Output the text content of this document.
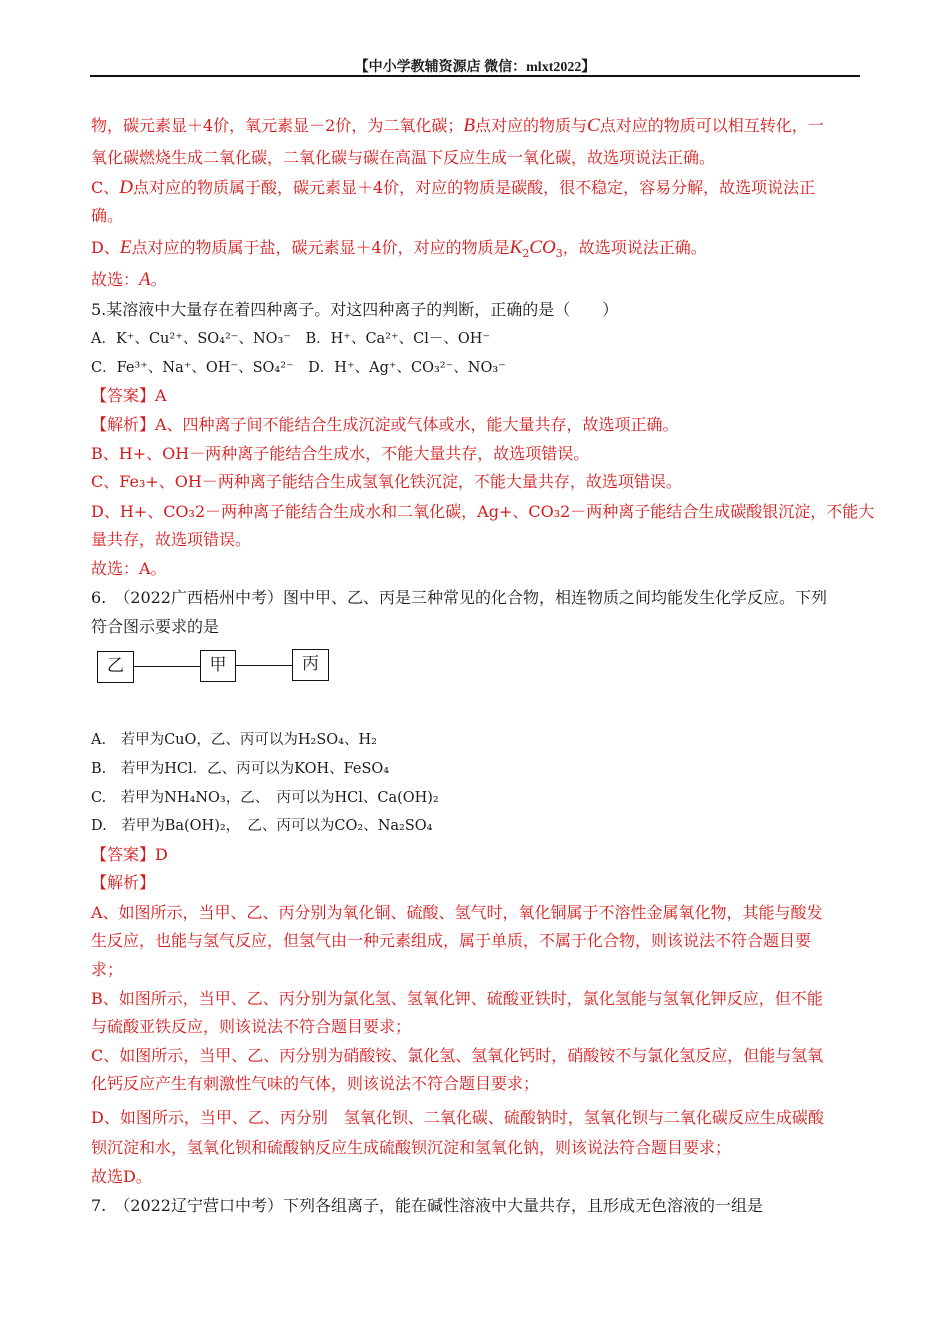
【中小学教辅资源店 微信：mlxt2022】
物，碳元素显＋4价，氧元素显－2价，为二氧化碳；B点对应的物质与C点对应的物质可以相互转化，一
氧化碳燃烧生成二氧化碳，二氧化碳与碳在高温下反应生成一氧化碳，故选项说法正确。
C、D点对应的物质属于酸，碳元素显＋4价，对应的物质是碳酸，很不稳定，容易分解，故选项说法正
确。
D、E点对应的物质属于盐，碳元素显＋4价，对应的物质是$K_2CO_3$，故选项说法正确。
故选：A。
5.某溶液中大量存在着四种离子。对这四种离子的判断，正确的是（　　）
A．K⁺、Cu²⁺、SO₄²⁻、NO₃⁻　B．H⁺、Ca²⁺、Cl－、OH⁻
C．Fe³⁺、Na⁺、OH⁻、SO₄²⁻　D．H⁺、Ag⁺、CO₃²⁻、NO₃⁻
【答案】A
【解析】A、四种离子间不能结合生成沉淀或气体或水，能大量共存，故选项正确。
B、H+、OH－两种离子能结合生成水，不能大量共存，故选项错误。
C、Fe₃+、OH－两种离子能结合生成氢氧化铁沉淀，不能大量共存，故选项错误。
D、H+、CO₃2－两种离子能结合生成水和二氧化碳，Ag+、CO₃2－两种离子能结合生成碳酸银沉淀，不能大
量共存，故选项错误。
故选：A。
6.　（2022广西梧州中考）图中甲、乙、丙是三种常见的化合物，相连物质之间均能发生化学反应。下列
符合图示要求的是
乙	甲	丙
A.　若甲为CuO，乙、丙可以为H₂SO₄、H₂
B.　若甲为HCl．乙、丙可以为KOH、FeSO₄
C.　若甲为NH₄NO₃，乙、　丙可以为HCl、Ca(OH)₂
D.　若甲为Ba(OH)₂，　乙、丙可以为CO₂、Na₂SO₄
【答案】D
【解析】
A、如图所示，当甲、乙、丙分别为氧化铜、硫酸、氢气时，氧化铜属于不溶性金属氧化物，其能与酸发
生反应，也能与氢气反应，但氢气由一种元素组成，属于单质，不属于化合物，则该说法不符合题目要
求；
B、如图所示，当甲、乙、丙分别为氯化氢、氢氧化钾、硫酸亚铁时，氯化氢能与氢氧化钾反应，但不能
与硫酸亚铁反应，则该说法不符合题目要求；
C、如图所示，当甲、乙、丙分别为硝酸铵、氯化氢、氢氧化钙时，硝酸铵不与氯化氢反应，但能与氢氧
化钙反应产生有刺激性气味的气体，则该说法不符合题目要求；
D、如图所示，当甲、乙、丙分别　氢氧化钡、二氧化碳、硫酸钠时，氢氧化钡与二氧化碳反应生成碳酸
钡沉淀和水，氢氧化钡和硫酸钠反应生成硫酸钡沉淀和氢氧化钠，则该说法符合题目要求；
故选D。
7.　（2022辽宁营口中考）下列各组离子，能在碱性溶液中大量共存，且形成无色溶液的一组是
